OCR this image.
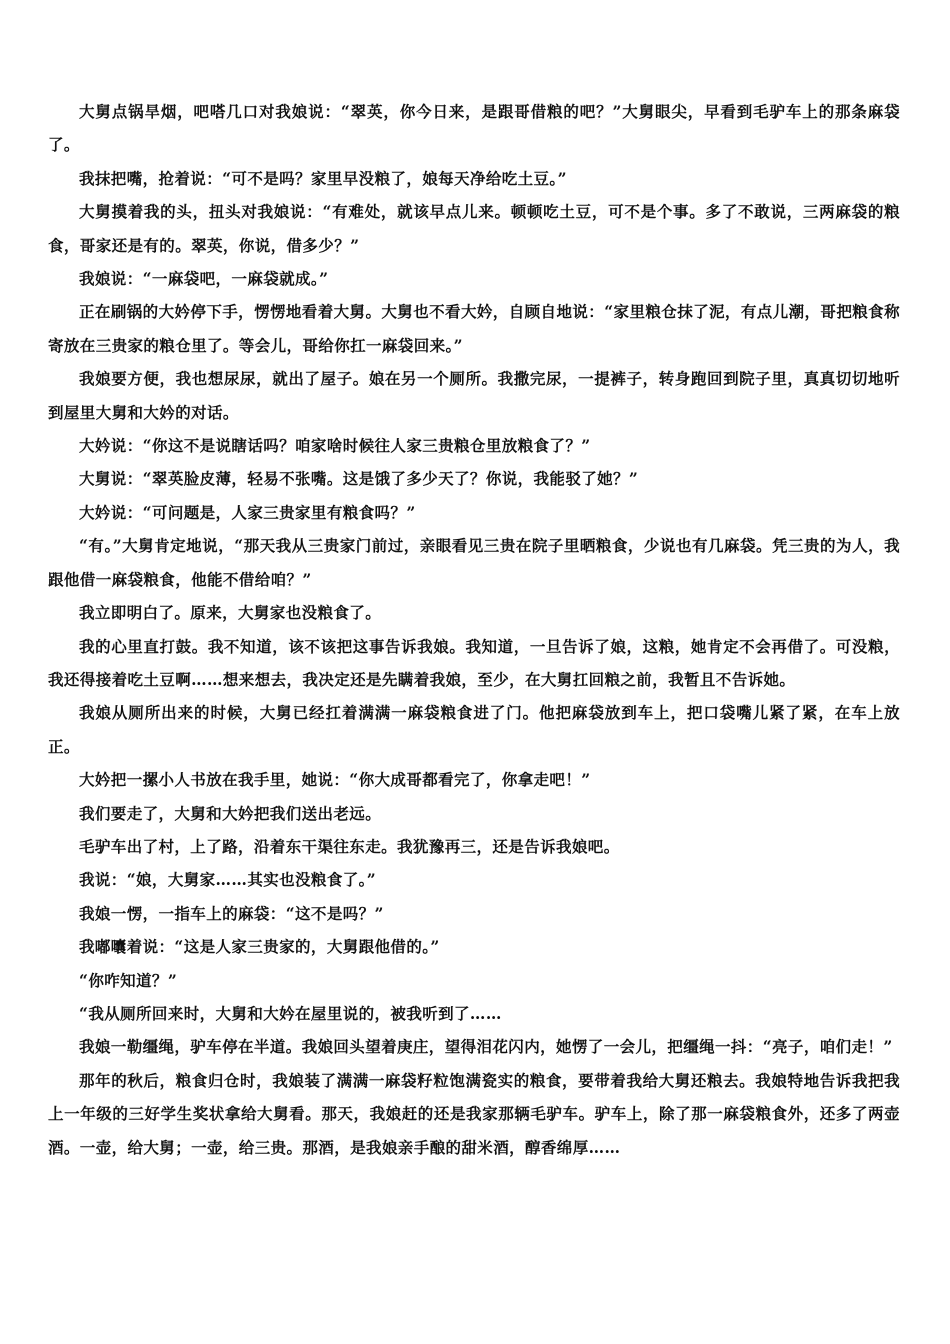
大舅点锅旱烟，吧嗒几口对我娘说：“翠英，你今日来，是跟哥借粮的吧？”大舅眼尖，早看到毛驴车上的那条麻袋了。

我抹把嘴，抢着说：“可不是吗？家里早没粮了，娘每天净给吃土豆。”

大舅摸着我的头，扭头对我娘说：“有难处，就该早点儿来。顿顿吃土豆，可不是个事。多了不敢说，三两麻袋的粮食，哥家还是有的。翠英，你说，借多少？”

我娘说：“一麻袋吧，一麻袋就成。”

正在刷锅的大妗停下手，愣愣地看着大舅。大舅也不看大妗，自顾自地说：“家里粮仓抹了泥，有点儿潮，哥把粮食称寄放在三贵家的粮仓里了。等会儿，哥给你扛一麻袋回来。”

我娘要方便，我也想尿尿，就出了屋子。娘在另一个厕所。我撒完尿，一提裤子，转身跑回到院子里，真真切切地听到屋里大舅和大妗的对话。

大妗说：“你这不是说瞎话吗？咱家啥时候往人家三贵粮仓里放粮食了？”

大舅说：“翠英脸皮薄，轻易不张嘴。这是饿了多少天了？你说，我能驳了她？”

大妗说：“可问题是，人家三贵家里有粮食吗？”

“有。”大舅肯定地说，“那天我从三贵家门前过，亲眼看见三贵在院子里晒粮食，少说也有几麻袋。凭三贵的为人，我跟他借一麻袋粮食，他能不借给咱？”

我立即明白了。原来，大舅家也没粮食了。

我的心里直打鼓。我不知道，该不该把这事告诉我娘。我知道，一旦告诉了娘，这粮，她肯定不会再借了。可没粮，我还得接着吃土豆啊……想来想去，我决定还是先瞒着我娘，至少，在大舅扛回粮之前，我暂且不告诉她。

我娘从厕所出来的时候，大舅已经扛着满满一麻袋粮食进了门。他把麻袋放到车上，把口袋嘴儿紧了紧，在车上放正。

大妗把一摞小人书放在我手里，她说：“你大成哥都看完了，你拿走吧！”

我们要走了，大舅和大妗把我们送出老远。

毛驴车出了村，上了路，沿着东干渠往东走。我犹豫再三，还是告诉我娘吧。

我说：“娘，大舅家……其实也没粮食了。”

我娘一愣，一指车上的麻袋：“这不是吗？”

我嘟囔着说：“这是人家三贵家的，大舅跟他借的。”

“你咋知道？”

“我从厕所回来时，大舅和大妗在屋里说的，被我听到了……

我娘一勒缰绳，驴车停在半道。我娘回头望着庚庄，望得泪花闪内，她愣了一会儿，把缰绳一抖：“亮子，咱们走！”

那年的秋后，粮食归仓时，我娘装了满满一麻袋籽粒饱满瓷实的粮食，要带着我给大舅还粮去。我娘特地告诉我把我上一年级的三好学生奖状拿给大舅看。那天，我娘赶的还是我家那辆毛驴车。驴车上，除了那一麻袋粮食外，还多了两壶酒。一壶，给大舅；一壶，给三贵。那酒，是我娘亲手酿的甜米酒，醇香绵厚……
